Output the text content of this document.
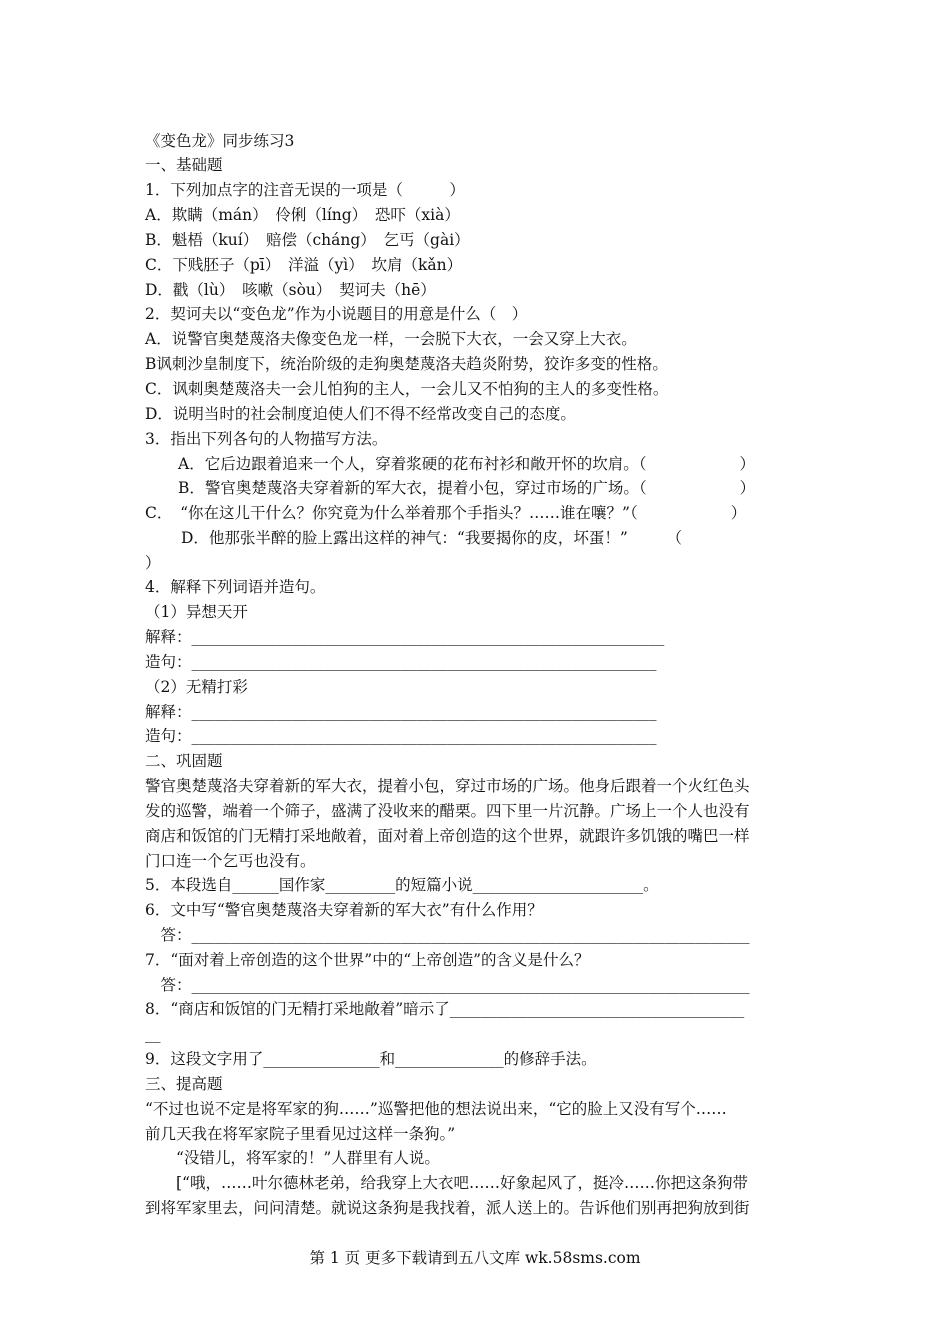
《变色龙》同步练习3
一、基础题
1．下列加点字的注音无误的一项是（　　　）
A．欺瞒（mán）　伶俐（líng）　恐吓（xià）
B．魁梧（kuí）　赔偿（cháng）　乞丐（gài）
C．下贱胚子（pī）　洋溢（yì）　坎肩（kǎn）
D．戳（lù）　咳嗽（sòu）　契诃夫（hē）
2．契诃夫以“变色龙”作为小说题目的用意是什么（　）
A．说警官奥楚蔑洛夫像变色龙一样，一会脱下大衣，一会又穿上大衣。
B讽刺沙皇制度下，统治阶级的走狗奥楚蔑洛夫趋炎附势，狡诈多变的性格。
C．讽刺奥楚蔑洛夫一会儿怕狗的主人，一会儿又不怕狗的主人的多变性格。
D．说明当时的社会制度迫使人们不得不经常改变自己的态度。
3．指出下列各句的人物描写方法。
A．它后边跟着追来一个人，穿着浆硬的花布衬衫和敞开怀的坎肩。（　　　　　　）
B．警官奥楚蔑洛夫穿着新的军大衣，提着小包，穿过市场的广场。（　　　　　　）
C．　“你在这儿干什么？你究竟为什么举着那个手指头？……谁在嚷？”（　　　　　　）
D．他那张半醉的脸上露出这样的神气：“我要揭你的皮，坏蛋！”　　　（
）
4．解释下列词语并造句。
（1）异想天开
解释：_____________________________________________________________
造句：____________________________________________________________
（2）无精打彩
解释：____________________________________________________________
造句：____________________________________________________________
二、巩固题
警官奥楚蔑洛夫穿着新的军大衣，提着小包，穿过市场的广场。他身后跟着一个火红色头
发的巡警，端着一个筛子，盛满了没收来的醋栗。四下里一片沉静。广场上一个人也没有
商店和饭馆的门无精打采地敞着，面对着上帝创造的这个世界，就跟许多饥饿的嘴巴一样
门口连一个乞丐也没有。
5．本段选自______国作家_________的短篇小说______________________。
6．文中写“警官奥楚蔑洛夫穿着新的军大衣”有什么作用？
　答：________________________________________________________________________
7．“面对着上帝创造的这个世界”中的“上帝创造”的含义是什么？
　答：________________________________________________________________________
8．“商店和饭馆的门无精打采地敞着”暗示了______________________________________
__
9．这段文字用了_______________和______________的修辞手法。
三、提高题
“不过也说不定是将军家的狗……”巡警把他的想法说出来，“它的脸上又没有写个……
前几天我在将军家院子里看见过这样一条狗。”
“没错儿，将军家的！”人群里有人说。
[“哦，……叶尔德林老弟，给我穿上大衣吧……好象起风了，挺冷……你把这条狗带
到将军家里去，问问清楚。就说这条狗是我找着，派人送上的。告诉他们别再把狗放到街
第 1 页 更多下载请到五八文库 wk.58sms.com
